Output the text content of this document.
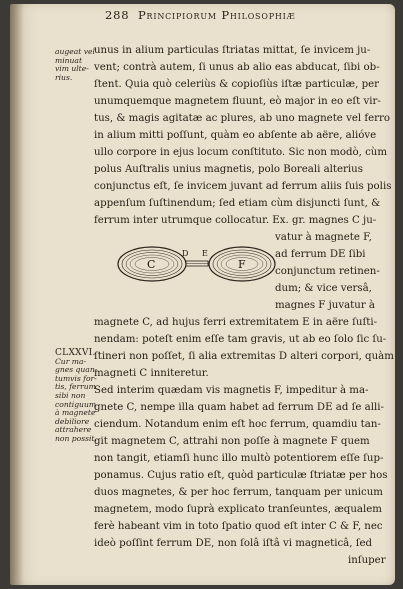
288 Principiorum Philosophiæ
augeat vel
minuat
vim ulte-
rius.
CLXXVI.
Cur ma-
gnes quan-
tumvis for-
tis, ferrum
sibi non
contiguum
à magnete
debiliore
attrahere
non possit.
unus in alium particulas ſtriatas mittat, ſe invicem ju-
vent; contrà autem, ſi unus ab alio eas abducat, ſibi ob-
ſtent. Quia quò celeriùs & copioſiùs iſtæ particulæ, per
unumquemque magnetem fluunt, eò major in eo eſt vir-
tus, & magis agitatæ ac plures, ab uno magnete vel ferro
in alium mitti poſſunt, quàm eo abſente ab aëre, alióve
ullo corpore in ejus locum conſtituto. Sic non modò, cùm
polus Auſtralis unius magnetis, polo Boreali alterius
conjunctus eſt, ſe invicem juvant ad ferrum aliis ſuis polis
appenſum ſuſtinendum; ſed etiam cùm disjuncti ſunt, &
ferrum inter utrumque collocatur. Ex. gr. magnes C ju-
vatur à magnete F,
ad ferrum DE ſibi
conjunctum retinen-
dum; & vice versâ,
magnes F juvatur à
C
D E
F
magnete C, ad hujus ferri extremitatem E in aëre ſuſti-
nendam: poteſt enim eſſe tam gravis, ut ab eo ſolo ſic ſu-
ſtineri non poſſet, ſi alia extremitas D alteri corpori, quàm
magneti C inniteretur.
Sed interim quædam vis magnetis F, impeditur à ma-
gnete C, nempe illa quam habet ad ferrum DE ad ſe alli-
ciendum. Notandum enim eſt hoc ferrum, quamdiu tan-
git magnetem C, attrahi non poſſe à magnete F quem
non tangit, etiamſi hunc illo multò potentiorem eſſe ſup-
ponamus. Cujus ratio eſt, quòd particulæ ſtriatæ per hos
duos magnetes, & per hoc ferrum, tanquam per unicum
magnetem, modo ſuprà explicato tranſeuntes, æqualem
ferè habeant vim in toto ſpatio quod eſt inter C & F, nec
ideò poſſint ferrum DE, non ſolâ iſtâ vi magneticâ, ſed
inſuper
